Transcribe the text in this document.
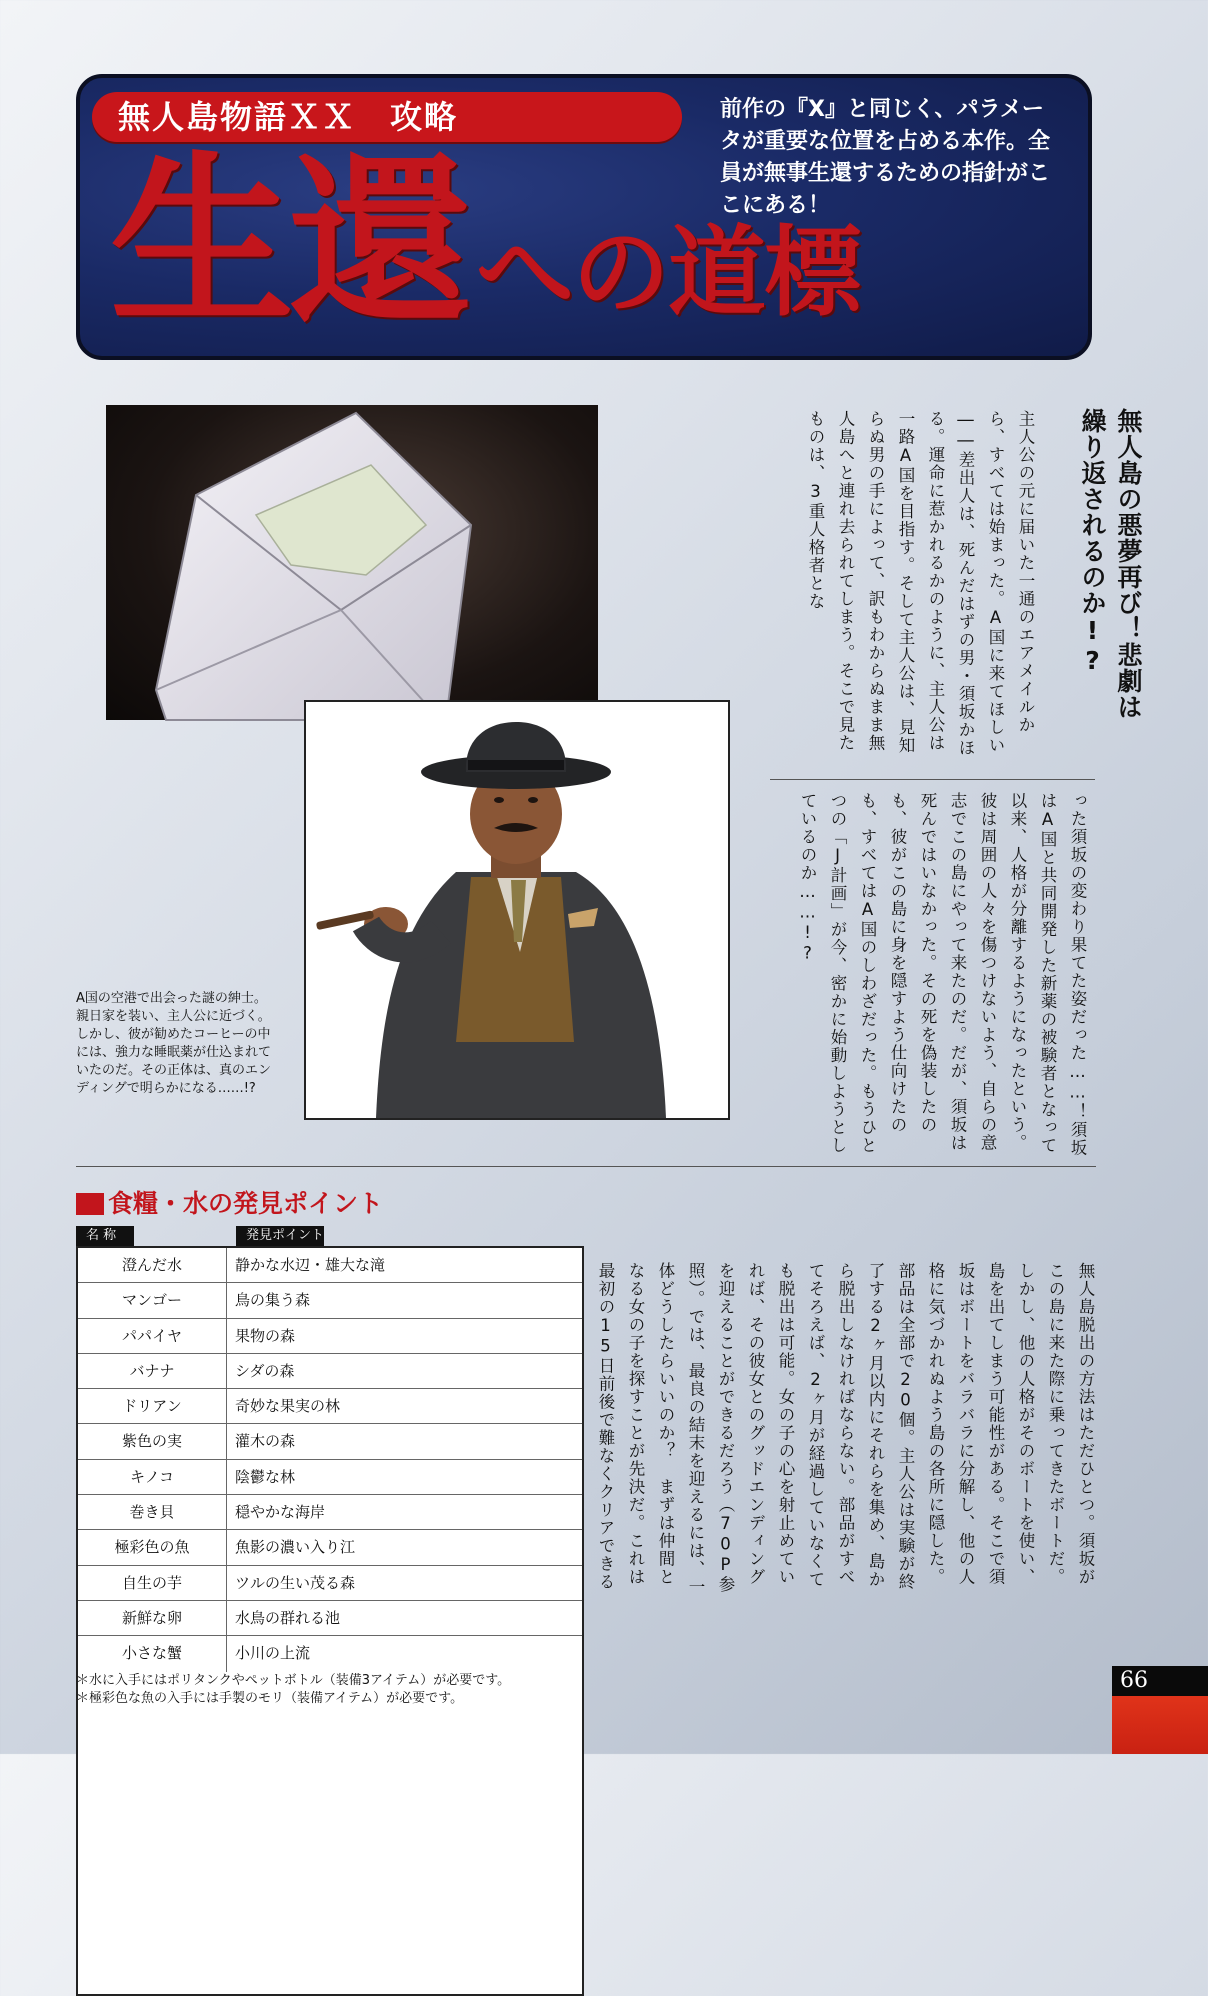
無人島物語ＸＸ　攻略	前作の『X』と同じく、パラメータが重要な位置を占める本作。全員が無事生還するための指針がここにある！
生還 への道標
A国の空港で出会った謎の紳士。親日家を装い、主人公に近づく。しかし、彼が勧めたコーヒーの中には、強力な睡眠薬が仕込まれていたのだ。その正体は、真のエンディングで明らかになる……!?
無人島の悪夢再び！悲劇は繰り返されるのか!?
主人公の元に届いた一通のエアメイルから、すべては始まった。A国に来てほしい――差出人は、死んだはずの男・須坂かほる。運命に惹かれるかのように、主人公は一路A国を目指す。そして主人公は、見知らぬ男の手によって、訳もわからぬまま無人島へと連れ去られてしまう。そこで見たものは、3重人格者とな
った須坂の変わり果てた姿だった……！須坂はA国と共同開発した新薬の被験者となって以来、人格が分離するようになったという。彼は周囲の人々を傷つけないよう、自らの意志でこの島にやって来たのだ。だが、須坂は死んではいなかった。その死を偽装したのも、彼がこの島に身を隠すよう仕向けたのも、すべてはA国のしわざだった。もうひとつの「J計画」が今、密かに始動しようとしているのか……!?
無人島脱出の方法はただひとつ。須坂がこの島に来た際に乗ってきたボートだ。しかし、他の人格がそのボートを使い、島を出てしまう可能性がある。そこで須坂はボートをバラバラに分解し、他の人格に気づかれぬよう島の各所に隠した。部品は全部で20個。主人公は実験が終了する2ヶ月以内にそれらを集め、島から脱出しなければならない。部品がすべてそろえば、2ヶ月が経過していなくても脱出は可能。女の子の心を射止めていれば、その彼女とのグッドエンディングを迎えることができるだろう（70P参照）。では、最良の結末を迎えるには、一体どうしたらいいのか？　まずは仲間となる女の子を探すことが先決だ。これは最初の15日前後で難なくクリアできる
食糧・水の発見ポイント
名 称	発見ポイント
澄んだ水	静かな水辺・雄大な滝
マンゴー	鳥の集う森
パパイヤ	果物の森
バナナ	シダの森
ドリアン	奇妙な果実の林
紫色の実	灌木の森
キノコ	陰鬱な林
巻き貝	穏やかな海岸
極彩色の魚	魚影の濃い入り江
自生の芋	ツルの生い茂る森
新鮮な卵	水鳥の群れる池
小さな蟹	小川の上流
＊水に入手にはポリタンクやペットボトル（装備3アイテム）が必要です。
＊極彩色な魚の入手には手製のモリ（装備アイテム）が必要です。
66
